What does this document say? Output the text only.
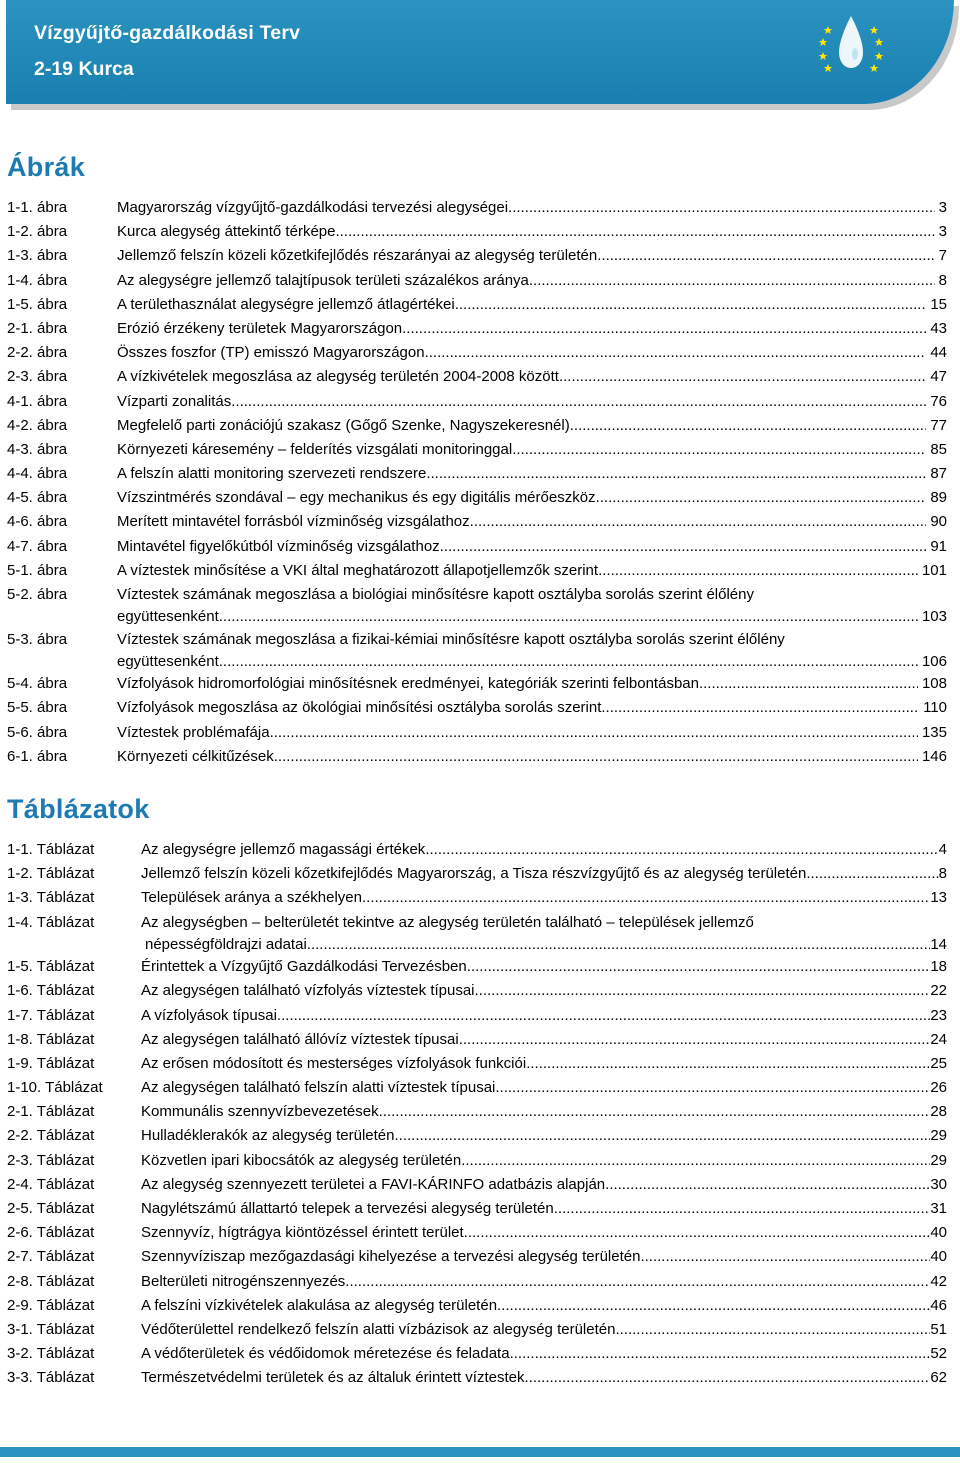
Vízgyűjtő-gazdálkodási Terv
2-19 Kurca
Ábrák
1-1. ábra	Magyarország vízgyűjtő-gazdálkodási tervezési alegységei .....	3
1-2. ábra	Kurca alegység áttekintő térképe .....	3
1-3. ábra	Jellemző felszín közeli kőzetkifejlődés részarányai az alegység területén .....	7
1-4. ábra	Az alegységre jellemző talajtípusok területi százalékos aránya .....	8
1-5. ábra	A területhasználat alegységre jellemző átlagértékei .....	15
2-1. ábra	Erózió érzékeny területek Magyarországon .....	43
2-2. ábra	Összes foszfor (TP) emisszó Magyarországon .....	44
2-3. ábra	A vízkivételek megoszlása az alegység területén 2004-2008 között .....	47
4-1. ábra	Vízparti zonalitás .....	76
4-2. ábra	Megfelelő parti zonációjú szakasz (Gőgő Szenke, Nagyszekeresnél) .....	77
4-3. ábra	Környezeti káresemény – felderítés vizsgálati monitoringgal .....	85
4-4. ábra	A felszín alatti monitoring szervezeti rendszere .....	87
4-5. ábra	Vízszintmérés szondával – egy mechanikus és egy digitális mérőeszköz .....	89
4-6. ábra	Merített mintavétel forrásból vízminőség vizsgálathoz .....	90
4-7. ábra	Mintavétel figyelőkútból vízminőség vizsgálathoz .....	91
5-1. ábra	A víztestek minősítése a VKI által meghatározott állapotjellemzők szerint .....	101
5-2. ábra	Víztestek számának megoszlása a biológiai minősítésre kapott osztályba sorolás szerint élőlény
együttesenként .....	103
5-3. ábra	Víztestek számának megoszlása a fizikai-kémiai minősítésre kapott osztályba sorolás szerint élőlény
együttesenként .....	106
5-4. ábra	Vízfolyások hidromorfológiai minősítésnek eredményei, kategóriák szerinti felbontásban .....	108
5-5. ábra	Vízfolyások megoszlása az ökológiai minősítési osztályba sorolás szerint .....	110
5-6. ábra	Víztestek problémafája .....	135
6-1. ábra	Környezeti célkitűzések .....	146
Táblázatok
1-1. Táblázat	Az alegységre jellemző magassági értékek .....	4
1-2. Táblázat	Jellemző felszín közeli kőzetkifejlődés Magyarország, a Tisza részvízgyűjtő és az alegység területén .....	8
1-3. Táblázat	Települések aránya a székhelyen .....	13
1-4. Táblázat	Az alegységben – belterületét tekintve az alegység területén található – települések jellemző
népességföldrajzi adatai .....	14
1-5. Táblázat	Érintettek a Vízgyűjtő Gazdálkodási Tervezésben .....	18
1-6. Táblázat	Az alegységen található vízfolyás víztestek típusai .....	22
1-7. Táblázat	A vízfolyások típusai .....	23
1-8. Táblázat	Az alegységen található állóvíz víztestek típusai .....	24
1-9. Táblázat	Az erősen módosított és mesterséges vízfolyások funkciói .....	25
1-10. Táblázat	Az alegységen található felszín alatti víztestek típusai .....	26
2-1. Táblázat	Kommunális szennyvízbevezetések .....	28
2-2. Táblázat	Hulladéklerakók az alegység területén .....	29
2-3. Táblázat	Közvetlen ipari kibocsátók az alegység területén .....	29
2-4. Táblázat	Az alegység szennyezett területei a FAVI-KÁRINFO adatbázis alapján .....	30
2-5. Táblázat	Nagylétszámú állattartó telepek a tervezési alegység területén .....	31
2-6. Táblázat	Szennyvíz, hígtrágya kiöntözéssel érintett terület .....	40
2-7. Táblázat	Szennyvíziszap mezőgazdasági kihelyezése a tervezési alegység területén .....	40
2-8. Táblázat	Belterületi nitrogénszennyezés .....	42
2-9. Táblázat	A felszíni vízkivételek alakulása az alegység területén .....	46
3-1. Táblázat	Védőterülettel rendelkező felszín alatti vízbázisok az alegység területén .....	51
3-2. Táblázat	A védőterületek és védőidomok méretezése és feladata .....	52
3-3. Táblázat	Természetvédelmi területek és az általuk érintett víztestek .....	62
